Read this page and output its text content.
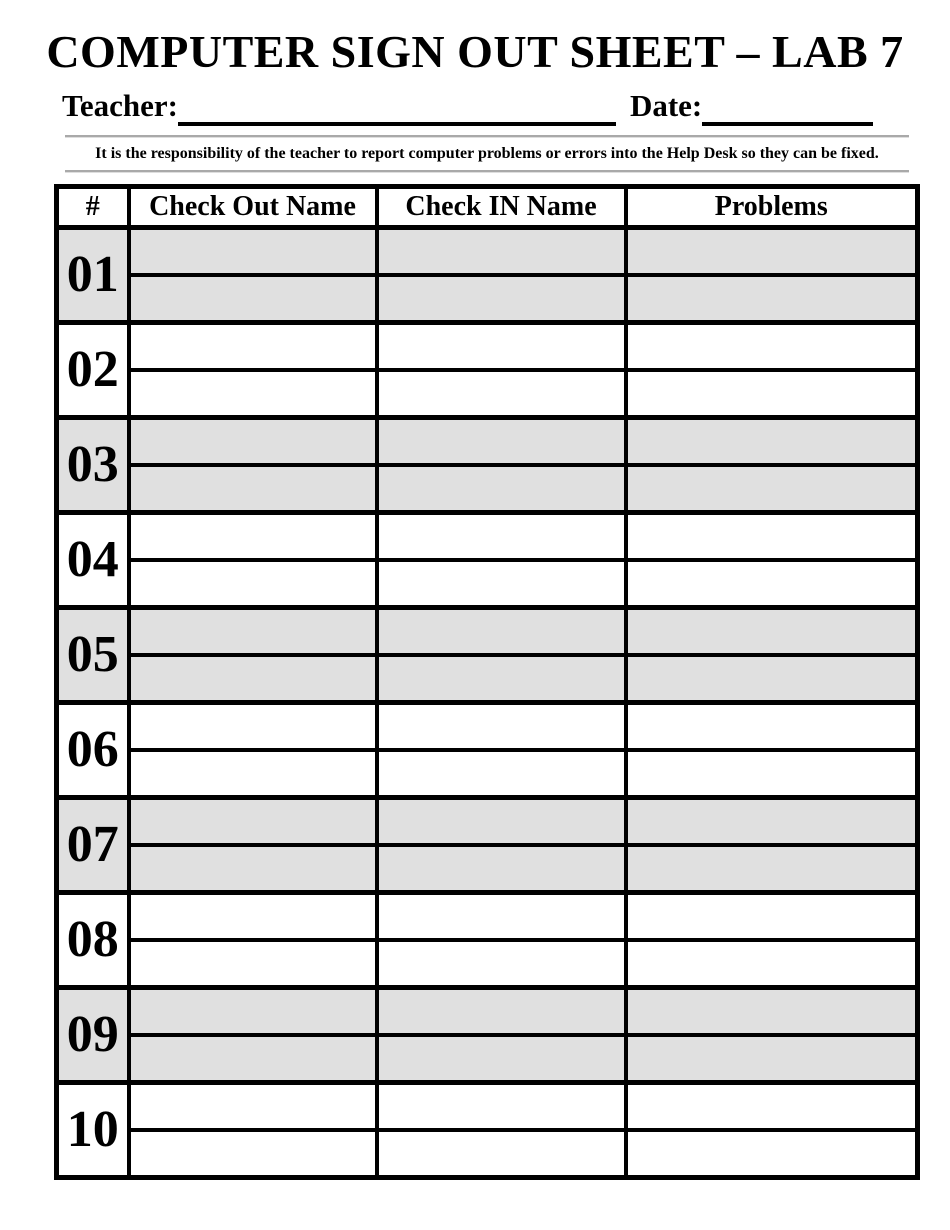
COMPUTER SIGN OUT SHEET – LAB 7
Teacher:	Date:
It is the responsibility of the teacher to report computer problems or errors into the Help Desk so they can be fixed.
#	Check Out Name	Check IN Name	Problems
01			

02			

03			

04			

05			

06			

07			

08			

09			

10			
